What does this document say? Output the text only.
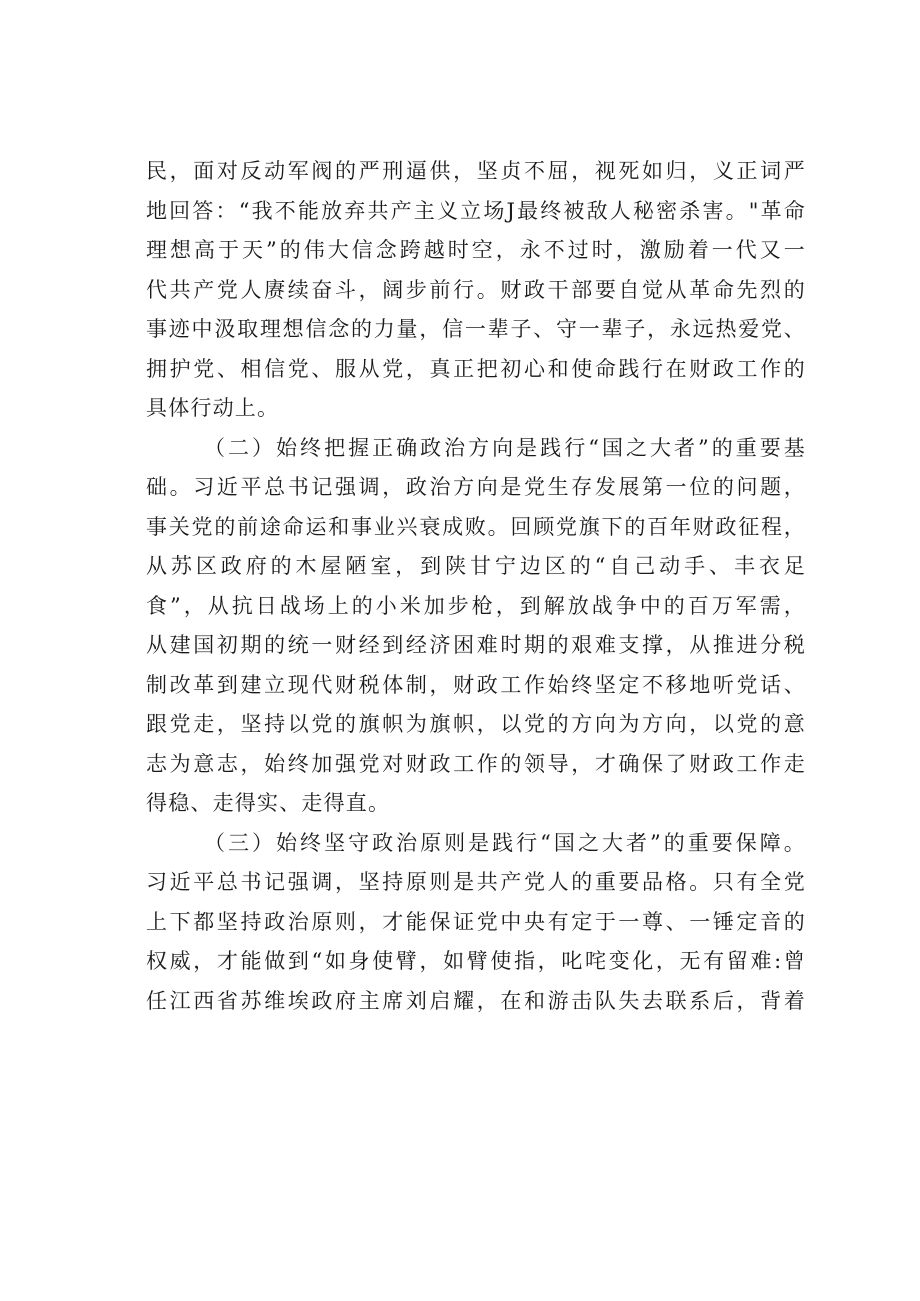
民，面对反动军阀的严刑逼供，坚贞不屈，视死如归，义正词严
地回答：“我不能放弃共产主义立场J最终被敌人秘密杀害。"革命
理想高于天”的伟大信念跨越时空，永不过时，激励着一代又一
代共产党人赓续奋斗，阔步前行。财政干部要自觉从革命先烈的
事迹中汲取理想信念的力量，信一辈子、守一辈子，永远热爱党、
拥护党、相信党、服从党，真正把初心和使命践行在财政工作的
具体行动上。
（二）始终把握正确政治方向是践行“国之大者”的重要基
础。习近平总书记强调，政治方向是党生存发展第一位的问题，
事关党的前途命运和事业兴衰成败。回顾党旗下的百年财政征程，
从苏区政府的木屋陋室，到陕甘宁边区的“自己动手、丰衣足
食”，从抗日战场上的小米加步枪，到解放战争中的百万军需，
从建国初期的统一财经到经济困难时期的艰难支撑，从推进分税
制改革到建立现代财税体制，财政工作始终坚定不移地听党话、
跟党走，坚持以党的旗帜为旗帜，以党的方向为方向，以党的意
志为意志，始终加强党对财政工作的领导，才确保了财政工作走
得稳、走得实、走得直。
（三）始终坚守政治原则是践行“国之大者”的重要保障。
习近平总书记强调，坚持原则是共产党人的重要品格。只有全党
上下都坚持政治原则，才能保证党中央有定于一尊、一锤定音的
权威，才能做到“如身使臂，如臂使指，叱咤变化，无有留难:曾
任江西省苏维埃政府主席刘启耀，在和游击队失去联系后，背着
